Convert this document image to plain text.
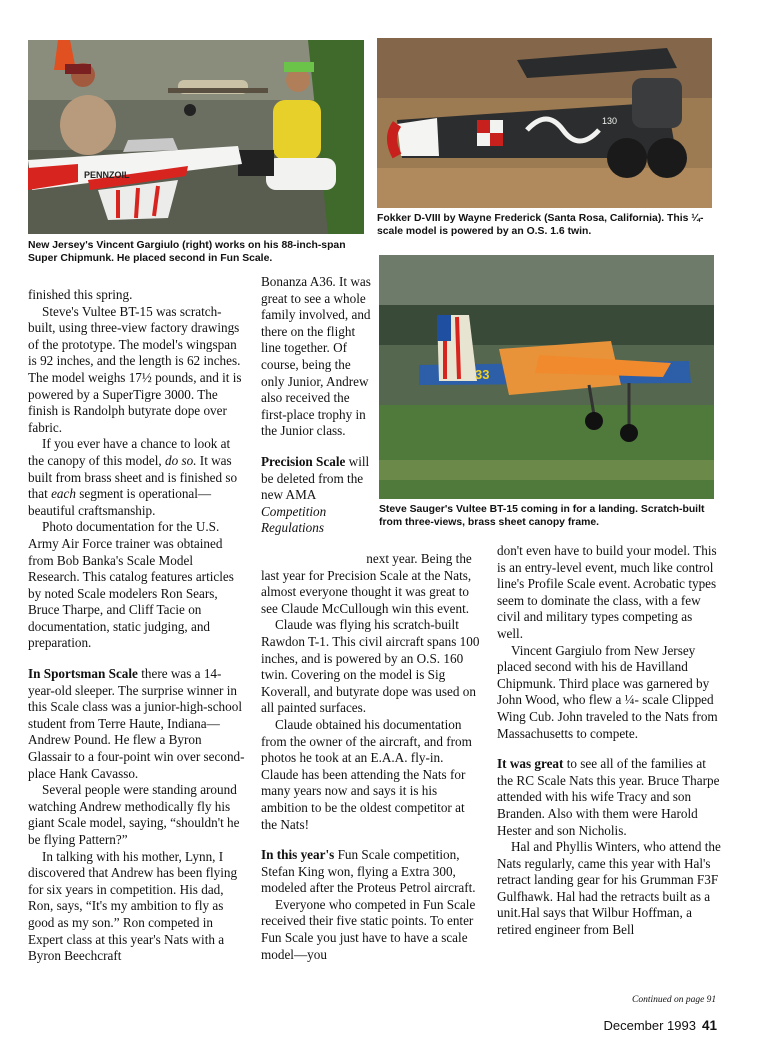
PENNZOIL
New Jersey's Vincent Gargiulo (right) works on his 88-inch-span Super Chipmunk. He placed second in Fun Scale.
130
Fokker D-VIII by Wayne Frederick (Santa Rosa, California). This ¼-scale model is powered by an O.S. 1.6 twin.
33
Steve Sauger's Vultee BT-15 coming in for a landing. Scratch-built from three-views, brass sheet canopy frame.

finished this spring.

Steve's Vultee BT-15 was scratch-built, using three-view factory drawings of the prototype. The model's wingspan is 92 inches, and the length is 62 inches. The model weighs 17½ pounds, and it is powered by a SuperTigre 3000. The finish is Randolph butyrate dope over fabric.

If you ever have a chance to look at the canopy of this model, do so. It was built from brass sheet and is finished so that each segment is operational—beautiful craftsmanship.

Photo documentation for the U.S. Army Air Force trainer was obtained from Bob Banka's Scale Model Research. This catalog features articles by noted Scale modelers Ron Sears, Bruce Tharpe, and Cliff Tacie on documentation, static judging, and preparation.

In Sportsman Scale there was a 14-year-old sleeper. The surprise winner in this Scale class was a junior-high-school student from Terre Haute, Indiana—Andrew Pound. He flew a Byron Glassair to a four-point win over second-place Hank Cavasso.

Several people were standing around watching Andrew methodically fly his giant Scale model, saying, “shouldn't he be flying Pattern?”

In talking with his mother, Lynn, I discovered that Andrew has been flying for six years in competition. His dad, Ron, says, “It's my ambition to fly as good as my son.” Ron competed in Expert class at this year's Nats with a Byron Beechcraft

Bonanza A36. It was great to see a whole family involved, and there on the flight line together. Of course, being the only Junior, Andrew also received the first-place trophy in the Junior class.

Precision Scale will be deleted from the new AMA

Competition Regulations

next year. Being the last year for Precision Scale at the Nats, almost everyone thought it was great to see Claude McCullough win this event.

Claude was flying his scratch-built Rawdon T-1. This civil aircraft spans 100 inches, and is powered by an O.S. 160 twin. Covering on the model is Sig Koverall, and butyrate dope was used on all painted surfaces.

Claude obtained his documentation from the owner of the aircraft, and from photos he took at an E.A.A. fly-in. Claude has been attending the Nats for many years now and says it is his ambition to be the oldest competitor at the Nats!

In this year's Fun Scale competition, Stefan King won, flying a Extra 300, modeled after the Proteus Petrol aircraft.

Everyone who competed in Fun Scale received their five static points. To enter Fun Scale you just have to have a scale model—you

don't even have to build your model. This is an entry-level event, much like control line's Profile Scale event. Acrobatic types seem to dominate the class, with a few civil and military types competing as well.

Vincent Gargiulo from New Jersey placed second with his de Havilland Chipmunk. Third place was garnered by John Wood, who flew a ¼- scale Clipped Wing Cub. John traveled to the Nats from Massachusetts to compete.

It was great to see all of the families at the RC Scale Nats this year. Bruce Tharpe attended with his wife Tracy and son Branden. Also with them were Harold Hester and son Nicholis.

Hal and Phyllis Winters, who attend the Nats regularly, came this year with Hal's retract landing gear for his Grumman F3F Gulfhawk. Hal had the retracts built as a unit.Hal says that Wilbur Hoffman, a retired engineer from Bell

Continued on page 91
December 1993 41
